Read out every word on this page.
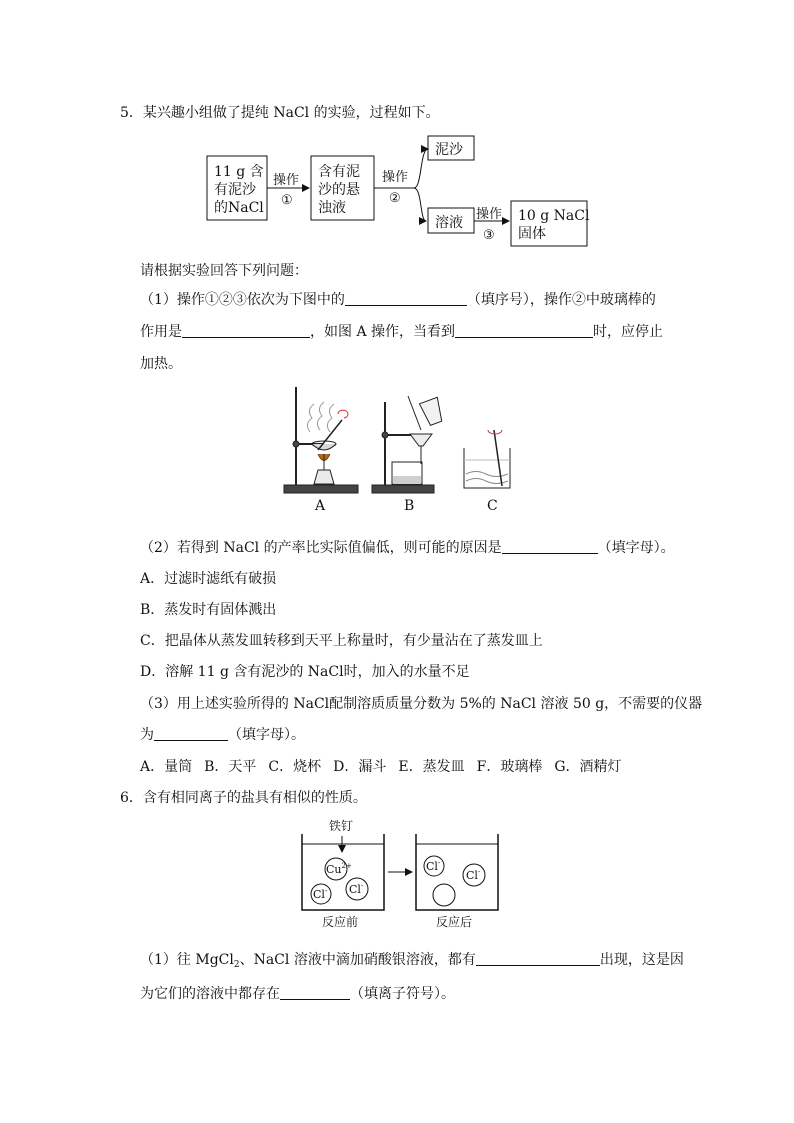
5．某兴趣小组做了提纯 NaCl 的实验，过程如下。
11 g 含
有泥沙
的NaCl
操作
①
含有泥
沙的悬
浊液
操作
②
泥沙
溶液
操作
③
10 g NaCl
固体
请根据实验回答下列问题：
（1）操作①②③依次为下图中的	（填序号），操作②中玻璃棒的
作用是	，如图 A 操作，当看到	时，应停止
加热。
A	B	C
（2）若得到 NaCl 的产率比实际值偏低，则可能的原因是	（填字母）。
A．过滤时滤纸有破损
B．蒸发时有固体溅出
C．把晶体从蒸发皿转移到天平上称量时，有少量沾在了蒸发皿上
D．溶解 11 g 含有泥沙的 NaCl时，加入的水量不足
（3）用上述实验所得的 NaCl配制溶质质量分数为 5%的 NaCl 溶液 50 g，不需要的仪器
为	（填字母）。
A．量筒 B．天平 C．烧杯 D．漏斗 E．蒸发皿 F．玻璃棒 G．酒精灯
6．含有相同离子的盐具有相似的性质。
铁钉
$Cu^{2+}$
Cl- Cl-
Cl-
Cl-
反应前	反应后
（1）往 MgCl$_2$、NaCl 溶液中滴加硝酸银溶液，都有	出现，这是因
为它们的溶液中都存在	（填离子符号）。
